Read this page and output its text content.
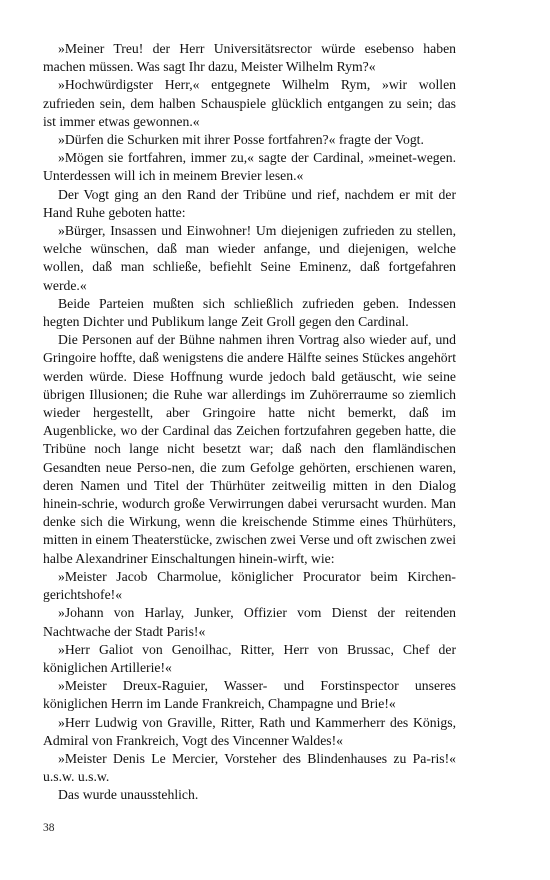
»Meiner Treu! der Herr Universitätsrector würde esebenso haben machen müssen. Was sagt Ihr dazu, Meister Wilhelm Rym?«

»Hochwürdigster Herr,« entgegnete Wilhelm Rym, »wir wollen zufrieden sein, dem halben Schauspiele glücklich entgangen zu sein; das ist immer etwas gewonnen.«

»Dürfen die Schurken mit ihrer Posse fortfahren?« fragte der Vogt.

»Mögen sie fortfahren, immer zu,« sagte der Cardinal, »meinet-wegen. Unterdessen will ich in meinem Brevier lesen.«

Der Vogt ging an den Rand der Tribüne und rief, nachdem er mit der Hand Ruhe geboten hatte:

»Bürger, Insassen und Einwohner! Um diejenigen zufrieden zu stellen, welche wünschen, daß man wieder anfange, und diejenigen, welche wollen, daß man schließe, befiehlt Seine Eminenz, daß fortgefahren werde.«

Beide Parteien mußten sich schließlich zufrieden geben. Indessen hegten Dichter und Publikum lange Zeit Groll gegen den Cardinal.

Die Personen auf der Bühne nahmen ihren Vortrag also wieder auf, und Gringoire hoffte, daß wenigstens die andere Hälfte seines Stückes angehört werden würde. Diese Hoffnung wurde jedoch bald getäuscht, wie seine übrigen Illusionen; die Ruhe war allerdings im Zuhörerraume so ziemlich wieder hergestellt, aber Gringoire hatte nicht bemerkt, daß im Augenblicke, wo der Cardinal das Zeichen fortzufahren gegeben hatte, die Tribüne noch lange nicht besetzt war; daß nach den flamländischen Gesandten neue Perso-nen, die zum Gefolge gehörten, erschienen waren, deren Namen und Titel der Thürhüter zeitweilig mitten in den Dialog hinein-schrie, wodurch große Verwirrungen dabei verursacht wurden. Man denke sich die Wirkung, wenn die kreischende Stimme eines Thürhüters, mitten in einem Theaterstücke, zwischen zwei Verse und oft zwischen zwei halbe Alexandriner Einschaltungen hinein-wirft, wie:

»Meister Jacob Charmolue, königlicher Procurator beim Kirchen-gerichtshofe!«

»Johann von Harlay, Junker, Offizier vom Dienst der reitenden Nachtwache der Stadt Paris!«

»Herr Galiot von Genoilhac, Ritter, Herr von Brussac, Chef der königlichen Artillerie!«

»Meister Dreux-Raguier, Wasser- und Forstinspector unseres königlichen Herrn im Lande Frankreich, Champagne und Brie!«

»Herr Ludwig von Graville, Ritter, Rath und Kammerherr des Königs, Admiral von Frankreich, Vogt des Vincenner Waldes!«

»Meister Denis Le Mercier, Vorsteher des Blindenhauses zu Pa-ris!« u.s.w. u.s.w.

Das wurde unausstehlich.

38
